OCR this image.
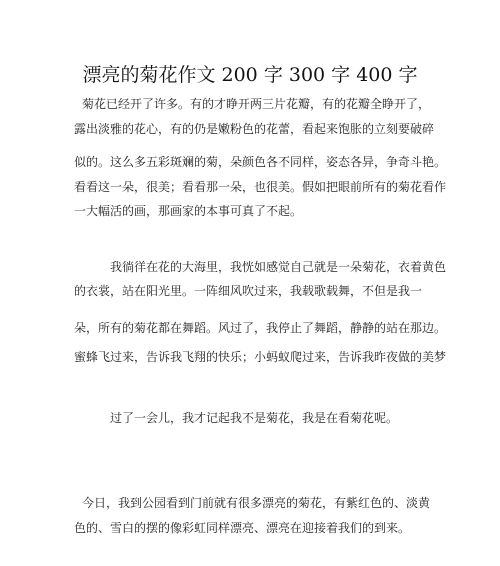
漂亮的菊花作文 200 字 300 字 400 字
菊花已经开了许多。有的才睁开两三片花瓣，有的花瓣全睁开了，
露出淡雅的花心，有的仍是嫩粉色的花蕾，看起来饱胀的立刻要破碎
似的。这么多五彩斑斓的菊，朵颜色各不同样，姿态各异，争奇斗艳。
看看这一朵，很美；看看那一朵，也很美。假如把眼前所有的菊花看作
一大幅活的画，那画家的本事可真了不起。
我徜徉在花的大海里，我恍如感觉自己就是一朵菊花，衣着黄色
的衣裳，站在阳光里。一阵细风吹过来，我载歌载舞，不但是我一
朵，所有的菊花都在舞蹈。风过了，我停止了舞蹈，静静的站在那边。
蜜蜂飞过来，告诉我飞翔的快乐；小蚂蚁爬过来，告诉我昨夜做的美梦
过了一会儿，我才记起我不是菊花，我是在看菊花呢。
今日，我到公园看到门前就有很多漂亮的菊花，有紫红色的、淡黄
色的、雪白的摆的像彩虹同样漂亮、漂亮在迎接着我们的到来。
